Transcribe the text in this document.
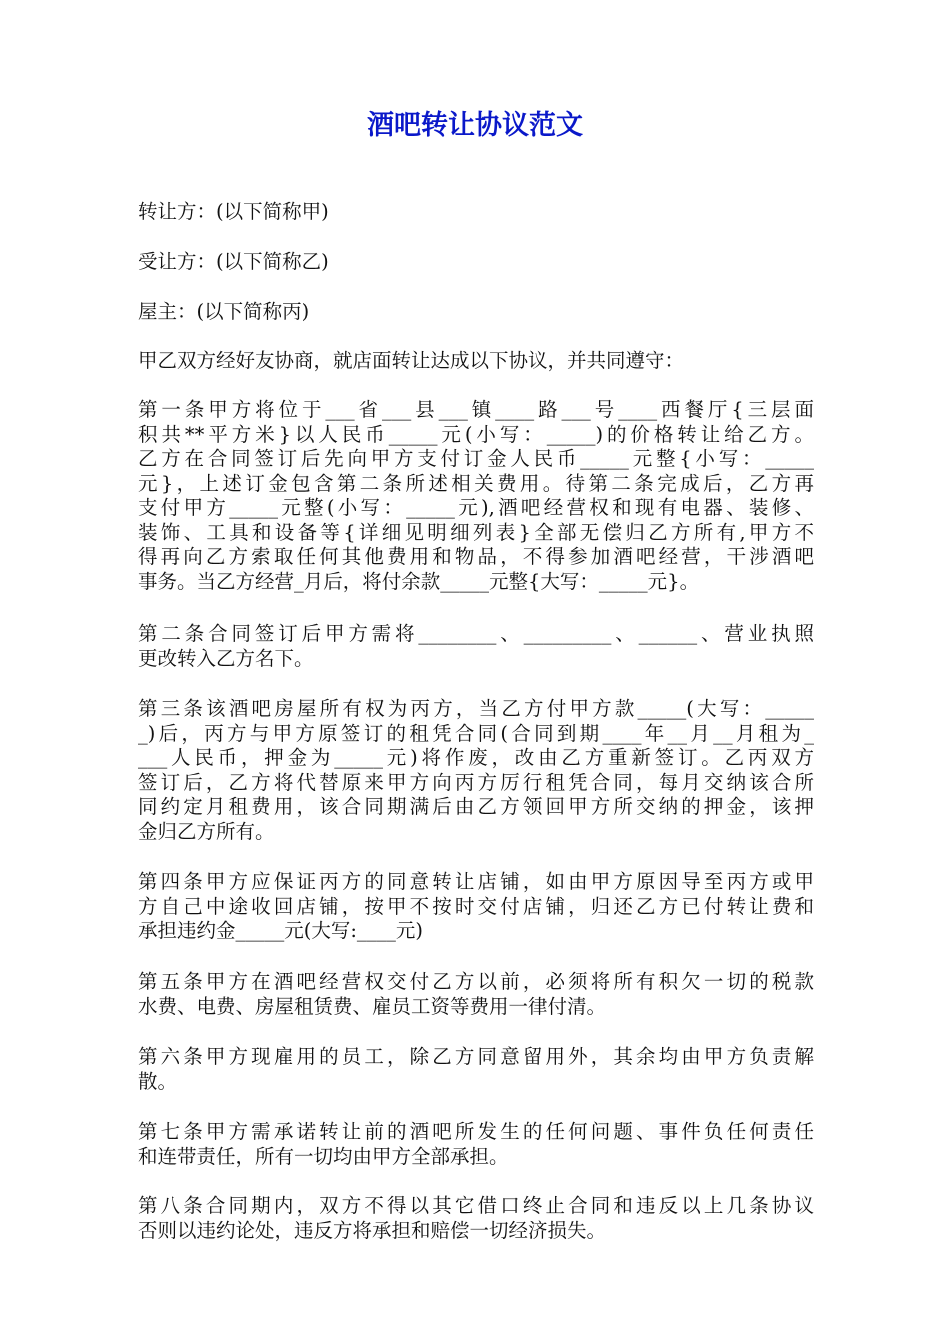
酒吧转让协议范文
转让方：(以下简称甲)
受让方：(以下简称乙)
屋主：(以下简称丙)
甲乙双方经好友协商，就店面转让达成以下协议，并共同遵守：
第一条甲方将位于___省___县___镇____路___号____西餐厅{三层面
积共**平方米}以人民币_____元(小写：_____)的价格转让给乙方。
乙方在合同签订后先向甲方支付订金人民币_____元整{小写：_____
元}，上述订金包含第二条所述相关费用。待第二条完成后，乙方再
支付甲方_____元整(小写：_____元),酒吧经营权和现有电器、装修、
装饰、工具和设备等{详细见明细列表}全部无偿归乙方所有,甲方不
得再向乙方索取任何其他费用和物品，不得参加酒吧经营，干涉酒吧
事务。当乙方经营_月后，将付余款_____元整{大写：_____元}。
第二条合同签订后甲方需将________、_________、______、营业执照
更改转入乙方名下。
第三条该酒吧房屋所有权为丙方，当乙方付甲方款_____(大写：_____
_)后，丙方与甲方原签订的租凭合同(合同到期____年__月__月租为_
___人民币，押金为_____元)将作废，改由乙方重新签订。乙丙双方
签订后，乙方将代替原来甲方向丙方厉行租凭合同，每月交纳该合所
同约定月租费用，该合同期满后由乙方领回甲方所交纳的押金，该押
金归乙方所有。
第四条甲方应保证丙方的同意转让店铺，如由甲方原因导至丙方或甲
方自己中途收回店铺，按甲不按时交付店铺，归还乙方已付转让费和
承担违约金_____元(大写:____元)
第五条甲方在酒吧经营权交付乙方以前，必须将所有积欠一切的税款
水费、电费、房屋租赁费、雇员工资等费用一律付清。
第六条甲方现雇用的员工，除乙方同意留用外，其余均由甲方负责解
散。
第七条甲方需承诺转让前的酒吧所发生的任何问题、事件负任何责任
和连带责任，所有一切均由甲方全部承担。
第八条合同期内，双方不得以其它借口终止合同和违反以上几条协议
否则以违约论处，违反方将承担和赔偿一切经济损失。
